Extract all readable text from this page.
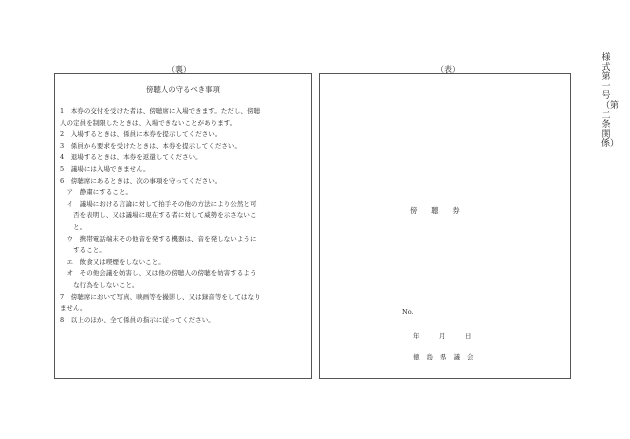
様式第一号（第二条関係）
（裏）	（表）
傍聴人の守るべき事項
1　本券の交付を受けた者は、傍聴席に入場できます。ただし、傍聴
人の定員を制限したときは、入場できないことがあります。
2　入場するときは、係員に本券を提示してください。
3　係員から要求を受けたときは、本券を提示してください。
4　退場するときは、本券を返還してください。
5　議場には入場できません。
6　傍聴席にあるときは、次の事項を守ってください。
　ア　静粛にすること。
　イ　議場における言論に対して拍手その他の方法により公然と可
　　否を表明し、又は議場に現在する者に対して威勢を示さないこ
　　と。
　ウ　携帯電話端末その他音を発する機器は、音を発しないように
　　すること。
　エ　飲食又は喫煙をしないこと。
　オ　その他会議を妨害し、又は他の傍聴人の傍聴を妨害するよう
　　な行為をしないこと。
7　傍聴席において写真、映画等を撮影し、又は録音等をしてはなり
ません。
8　以上のほか、全て係員の指示に従ってください。
傍聴券
No.
年　　　月　　　日
徳島県議会
